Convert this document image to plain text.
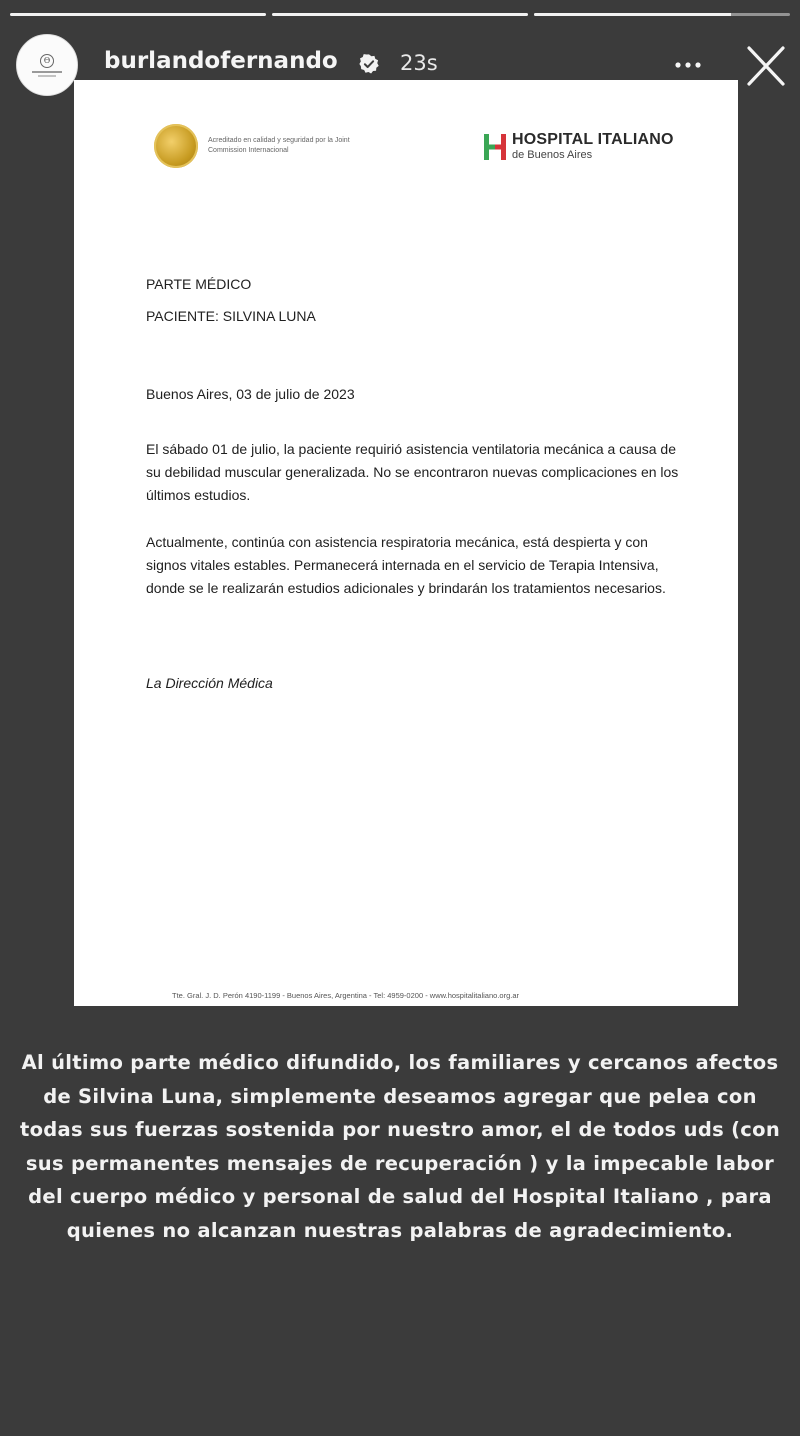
Θ burlandofernando	23s
Acreditado en calidad y seguridad por la Joint Commission Internacional
HOSPITAL ITALIANO
de Buenos Aires
PARTE MÉDICO
PACIENTE: SILVINA LUNA
Buenos Aires, 03 de julio de 2023
El sábado 01 de julio, la paciente requirió asistencia ventilatoria mecánica a causa de su debilidad muscular generalizada. No se encontraron nuevas complicaciones en los últimos estudios.
Actualmente, continúa con asistencia respiratoria mecánica, está despierta y con signos vitales estables. Permanecerá internada en el servicio de Terapia Intensiva, donde se le realizarán estudios adicionales y brindarán los tratamientos necesarios.
La Dirección Médica
Tte. Gral. J. D. Perón 4190-1199 - Buenos Aires, Argentina - Tel: 4959-0200 - www.hospitalitaliano.org.ar
Al último parte médico difundido, los familiares y cercanos afectos de Silvina Luna, simplemente deseamos agregar que pelea con todas sus fuerzas sostenida por nuestro amor, el de todos uds (con sus permanentes mensajes de recuperación ) y la impecable labor del cuerpo médico y personal de salud del Hospital Italiano , para quienes no alcanzan nuestras palabras de agradecimiento.
